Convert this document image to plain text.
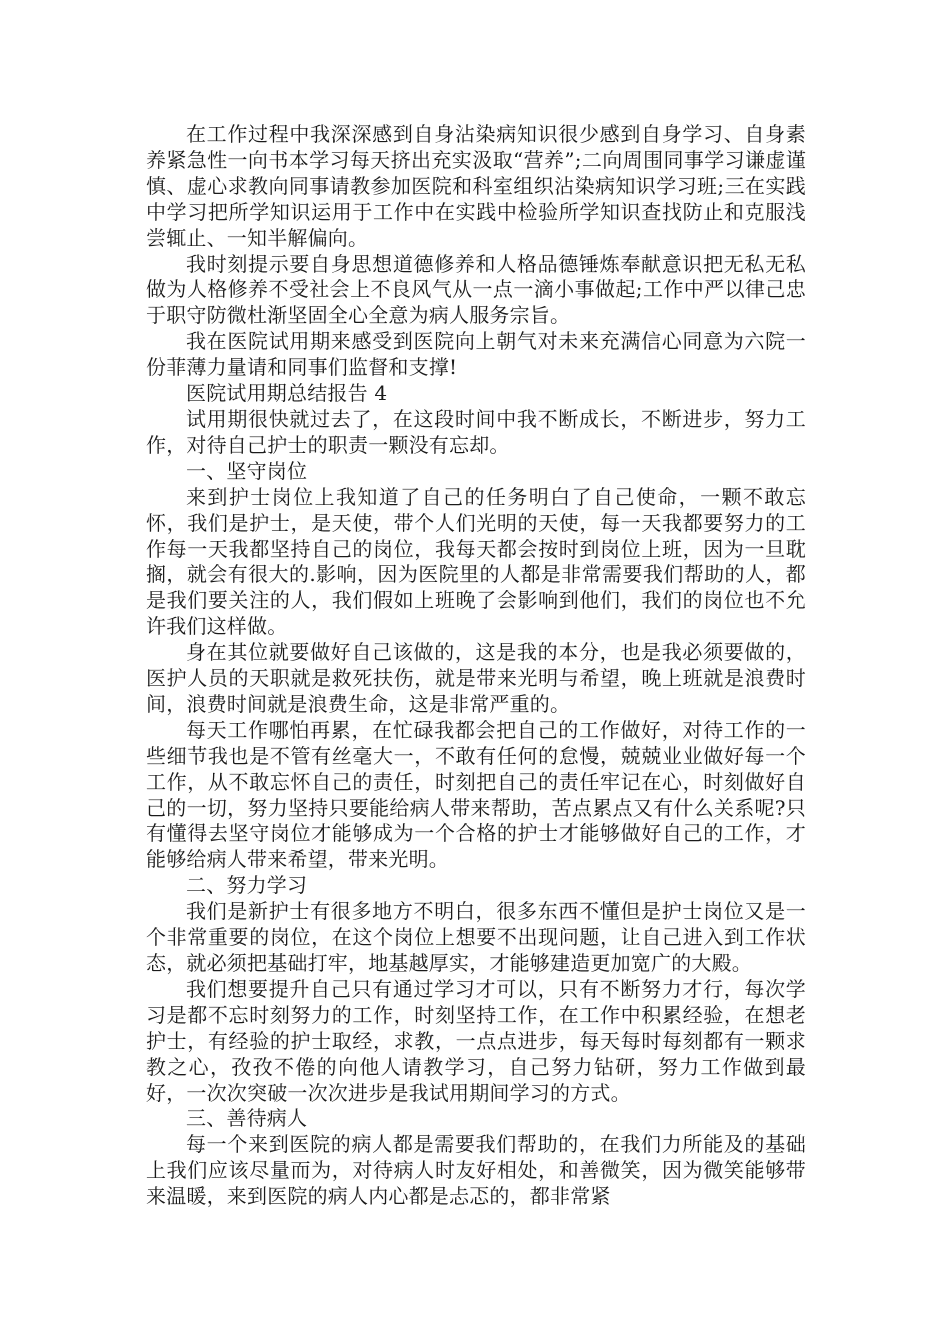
在工作过程中我深深感到自身沾染病知识很少感到自身学习、自身素养紧急性一向书本学习每天挤出充实汲取“营养”;二向周围同事学习谦虚谨慎、虚心求教向同事请教参加医院和科室组织沾染病知识学习班;三在实践中学习把所学知识运用于工作中在实践中检验所学知识查找防止和克服浅尝辄止、一知半解偏向。

我时刻提示要自身思想道德修养和人格品德锤炼奉献意识把无私无私做为人格修养不受社会上不良风气从一点一滴小事做起;工作中严以律己忠于职守防微杜渐坚固全心全意为病人服务宗旨。

我在医院试用期来感受到医院向上朝气对未来充满信心同意为六院一份菲薄力量请和同事们监督和支撑!

医院试用期总结报告 4

试用期很快就过去了，在这段时间中我不断成长，不断进步，努力工作，对待自己护士的职责一颗没有忘却。

一、坚守岗位

来到护士岗位上我知道了自己的任务明白了自己使命，一颗不敢忘怀，我们是护士，是天使，带个人们光明的天使，每一天我都要努力的工作每一天我都坚持自己的岗位，我每天都会按时到岗位上班，因为一旦耽搁，就会有很大的.影响，因为医院里的人都是非常需要我们帮助的人，都是我们要关注的人，我们假如上班晚了会影响到他们，我们的岗位也不允许我们这样做。

身在其位就要做好自己该做的，这是我的本分，也是我必须要做的，医护人员的天职就是救死扶伤，就是带来光明与希望，晚上班就是浪费时间，浪费时间就是浪费生命，这是非常严重的。

每天工作哪怕再累，在忙碌我都会把自己的工作做好，对待工作的一些细节我也是不管有丝毫大一，不敢有任何的怠慢，兢兢业业做好每一个工作，从不敢忘怀自己的责任，时刻把自己的责任牢记在心，时刻做好自己的一切，努力坚持只要能给病人带来帮助，苦点累点又有什么关系呢?只有懂得去坚守岗位才能够成为一个合格的护士才能够做好自己的工作，才能够给病人带来希望，带来光明。

二、努力学习

我们是新护士有很多地方不明白，很多东西不懂但是护士岗位又是一个非常重要的岗位，在这个岗位上想要不出现问题，让自己进入到工作状态，就必须把基础打牢，地基越厚实，才能够建造更加宽广的大殿。

我们想要提升自己只有通过学习才可以，只有不断努力才行，每次学习是都不忘时刻努力的工作，时刻坚持工作，在工作中积累经验，在想老护士，有经验的护士取经，求教，一点点进步，每天每时每刻都有一颗求教之心，孜孜不倦的向他人请教学习，自己努力钻研，努力工作做到最好，一次次突破一次次进步是我试用期间学习的方式。

三、善待病人

每一个来到医院的病人都是需要我们帮助的，在我们力所能及的基础上我们应该尽量而为，对待病人时友好相处，和善微笑，因为微笑能够带来温暖，来到医院的病人内心都是忐忑的，都非常紧
